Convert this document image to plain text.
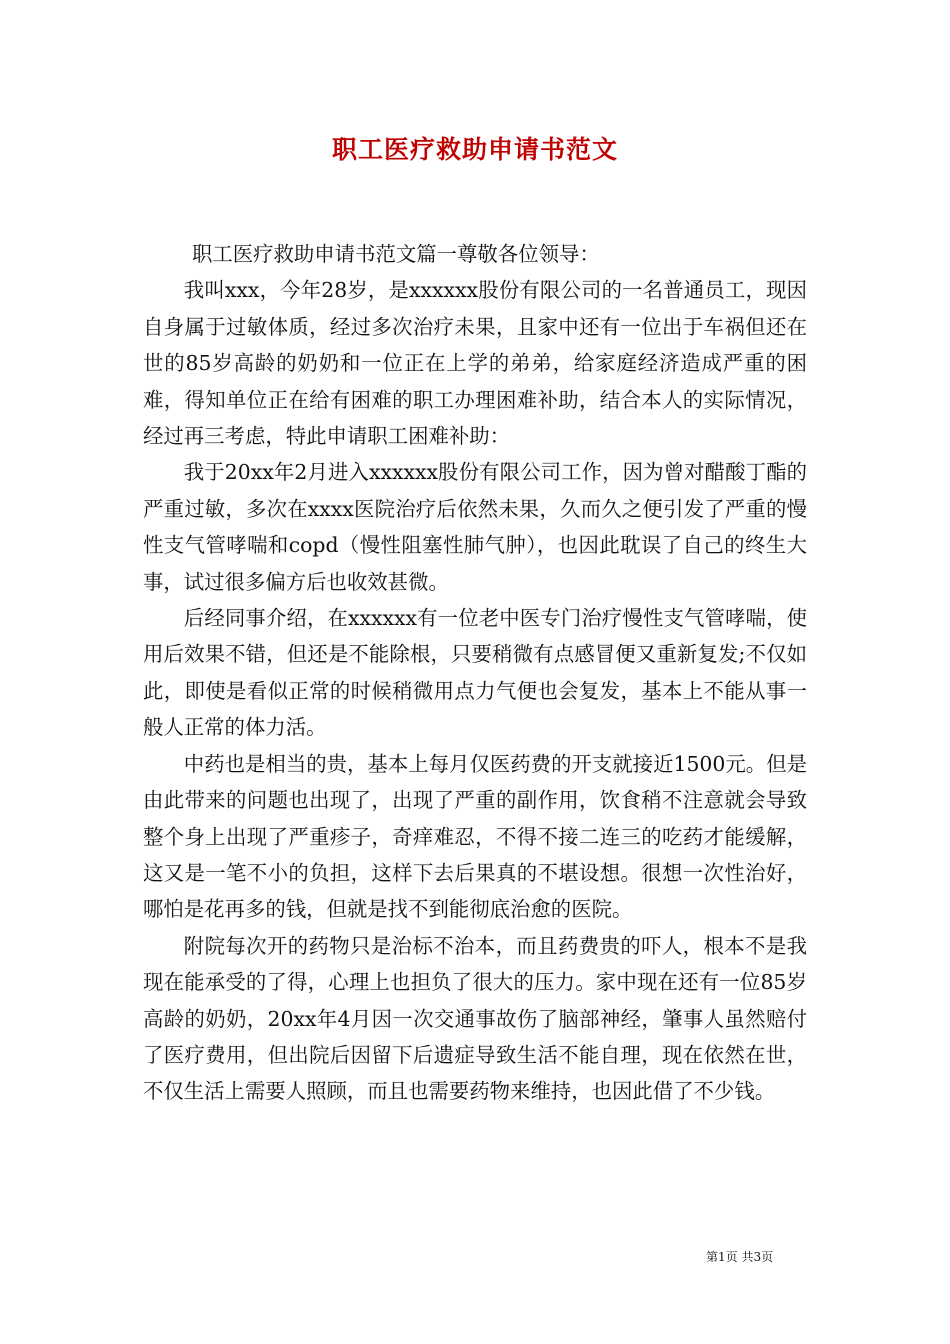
职工医疗救助申请书范文

职工医疗救助申请书范文篇一尊敬各位领导：

我叫xxx，今年28岁，是xxxxxx股份有限公司的一名普通员工，现因自身属于过敏体质，经过多次治疗未果，且家中还有一位出于车祸但还在世的85岁高龄的奶奶和一位正在上学的弟弟，给家庭经济造成严重的困难，得知单位正在给有困难的职工办理困难补助，结合本人的实际情况，经过再三考虑，特此申请职工困难补助：

我于20xx年2月进入xxxxxx股份有限公司工作，因为曾对醋酸丁酯的严重过敏，多次在xxxx医院治疗后依然未果，久而久之便引发了严重的慢性支气管哮喘和copd（慢性阻塞性肺气肿），也因此耽误了自己的终生大事，试过很多偏方后也收效甚微。

后经同事介绍，在xxxxxx有一位老中医专门治疗慢性支气管哮喘，使用后效果不错，但还是不能除根，只要稍微有点感冒便又重新复发;不仅如此，即使是看似正常的时候稍微用点力气便也会复发，基本上不能从事一般人正常的体力活。

中药也是相当的贵，基本上每月仅医药费的开支就接近1500元。但是由此带来的问题也出现了，出现了严重的副作用，饮食稍不注意就会导致整个身上出现了严重疹子，奇痒难忍，不得不接二连三的吃药才能缓解，这又是一笔不小的负担，这样下去后果真的不堪设想。很想一次性治好，哪怕是花再多的钱，但就是找不到能彻底治愈的医院。

附院每次开的药物只是治标不治本，而且药费贵的吓人，根本不是我现在能承受的了得，心理上也担负了很大的压力。家中现在还有一位85岁高龄的奶奶，20xx年4月因一次交通事故伤了脑部神经，肇事人虽然赔付了医疗费用，但出院后因留下后遗症导致生活不能自理，现在依然在世，不仅生活上需要人照顾，而且也需要药物来维持，也因此借了不少钱。

第1页 共3页
